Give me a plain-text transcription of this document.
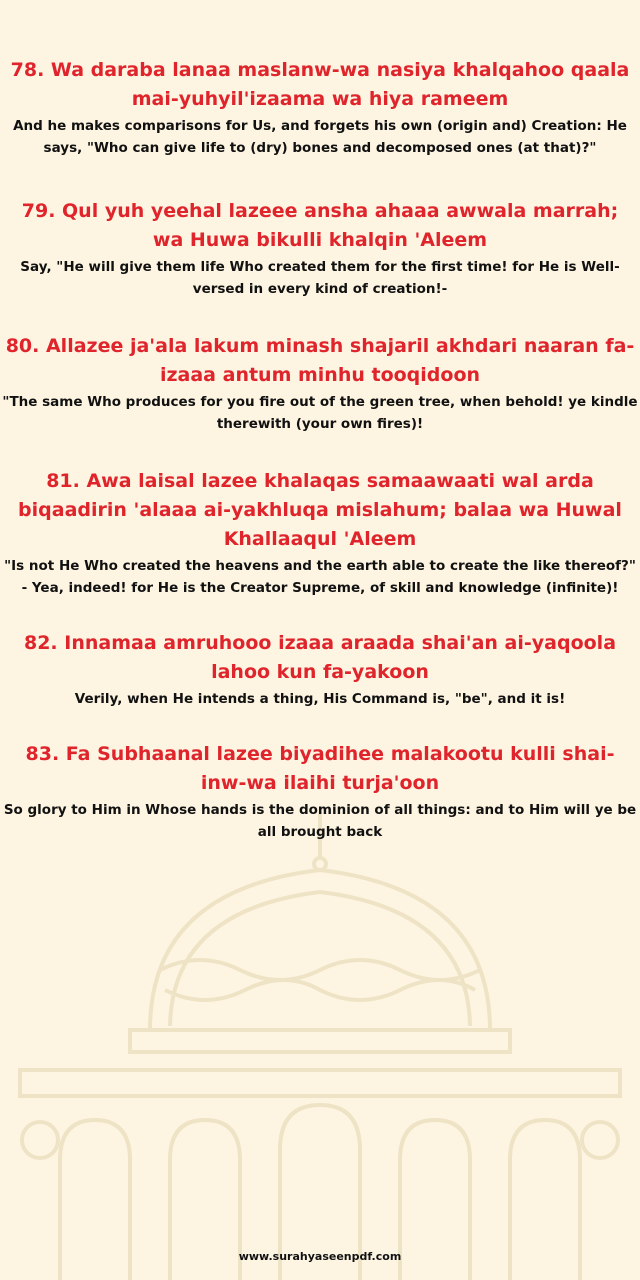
78. Wa daraba lanaa maslanw-wa nasiya khalqahoo qaala mai-yuhyil'izaama wa hiya rameem
And he makes comparisons for Us, and forgets his own (origin and) Creation: He says, "Who can give life to (dry) bones and decomposed ones (at that)?"
79. Qul yuh yeehal lazeee ansha ahaaa awwala marrah; wa Huwa bikulli khalqin 'Aleem
Say, "He will give them life Who created them for the first time! for He is Well-versed in every kind of creation!-
80. Allazee ja'ala lakum minash shajaril akhdari naaran fa-izaaa antum minhu tooqidoon
"The same Who produces for you fire out of the green tree, when behold! ye kindle therewith (your own fires)!
81. Awa laisal lazee khalaqas samaawaati wal arda biqaadirin 'alaaa ai-yakhluqa mislahum; balaa wa Huwal Khallaaqul 'Aleem
"Is not He Who created the heavens and the earth able to create the like thereof?" - Yea, indeed! for He is the Creator Supreme, of skill and knowledge (infinite)!
82. Innamaa amruhooo izaaa araada shai'an ai-yaqoola lahoo kun fa-yakoon
Verily, when He intends a thing, His Command is, "be", and it is!
83. Fa Subhaanal lazee biyadihee malakootu kulli shai-inw-wa ilaihi turja'oon
So glory to Him in Whose hands is the dominion of all things: and to Him will ye be all brought back
www.surahyaseenpdf.com
